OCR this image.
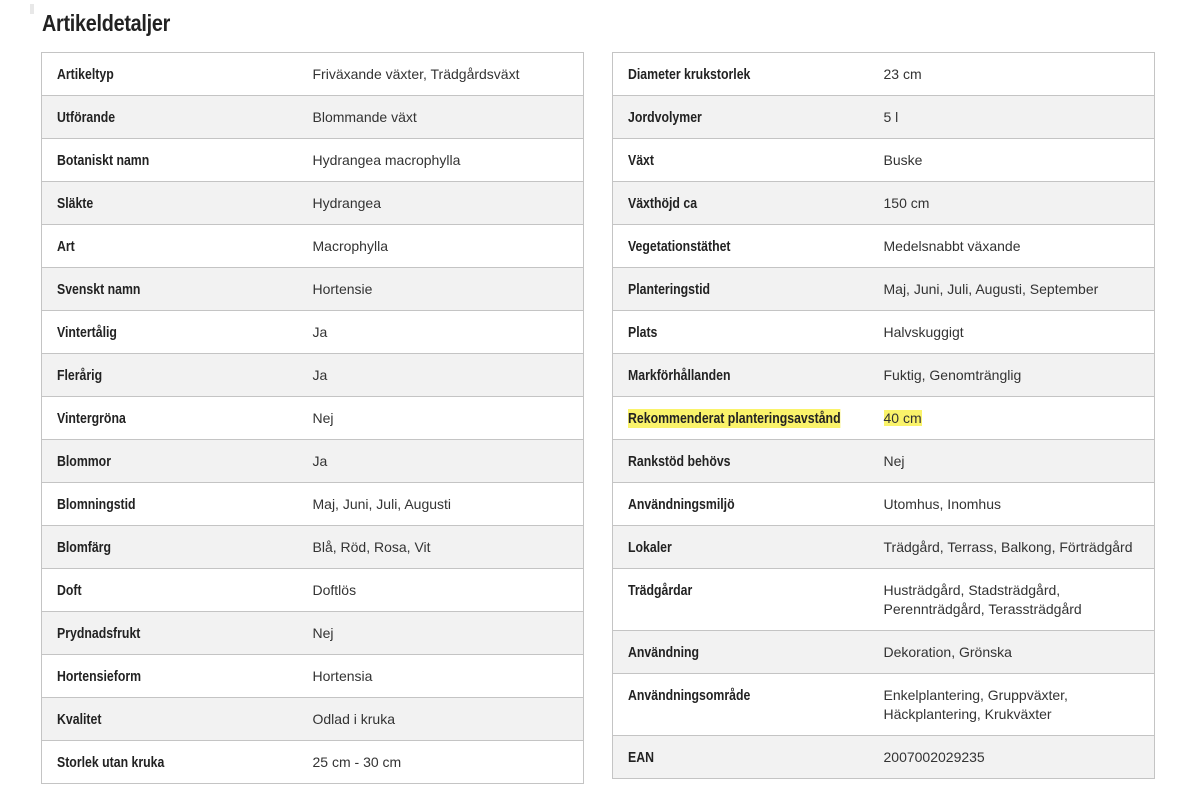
Artikeldetaljer
Artikeltyp	Friväxande växter, Trädgårdsväxt
Utförande	Blommande växt
Botaniskt namn	Hydrangea macrophylla
Släkte	Hydrangea
Art	Macrophylla
Svenskt namn	Hortensie
Vintertålig	Ja
Flerårig	Ja
Vintergröna	Nej
Blommor	Ja
Blomningstid	Maj, Juni, Juli, Augusti
Blomfärg	Blå, Röd, Rosa, Vit
Doft	Doftlös
Prydnadsfrukt	Nej
Hortensieform	Hortensia
Kvalitet	Odlad i kruka
Storlek utan kruka	25 cm - 30 cm
Diameter krukstorlek	23 cm
Jordvolymer	5 l
Växt	Buske
Växthöjd ca	150 cm
Vegetationstäthet	Medelsnabbt växande
Planteringstid	Maj, Juni, Juli, Augusti, September
Plats	Halvskuggigt
Markförhållanden	Fuktig, Genomtränglig
Rekommenderat planteringsavstånd	40 cm
Rankstöd behövs	Nej
Användningsmiljö	Utomhus, Inomhus
Lokaler	Trädgård, Terrass, Balkong, Förträdgård
Trädgårdar	Husträdgård, Stadsträdgård,
Perennträdgård, Terassträdgård
Användning	Dekoration, Grönska
Användningsområde	Enkelplantering, Gruppväxter,
Häckplantering, Krukväxter
EAN	2007002029235
